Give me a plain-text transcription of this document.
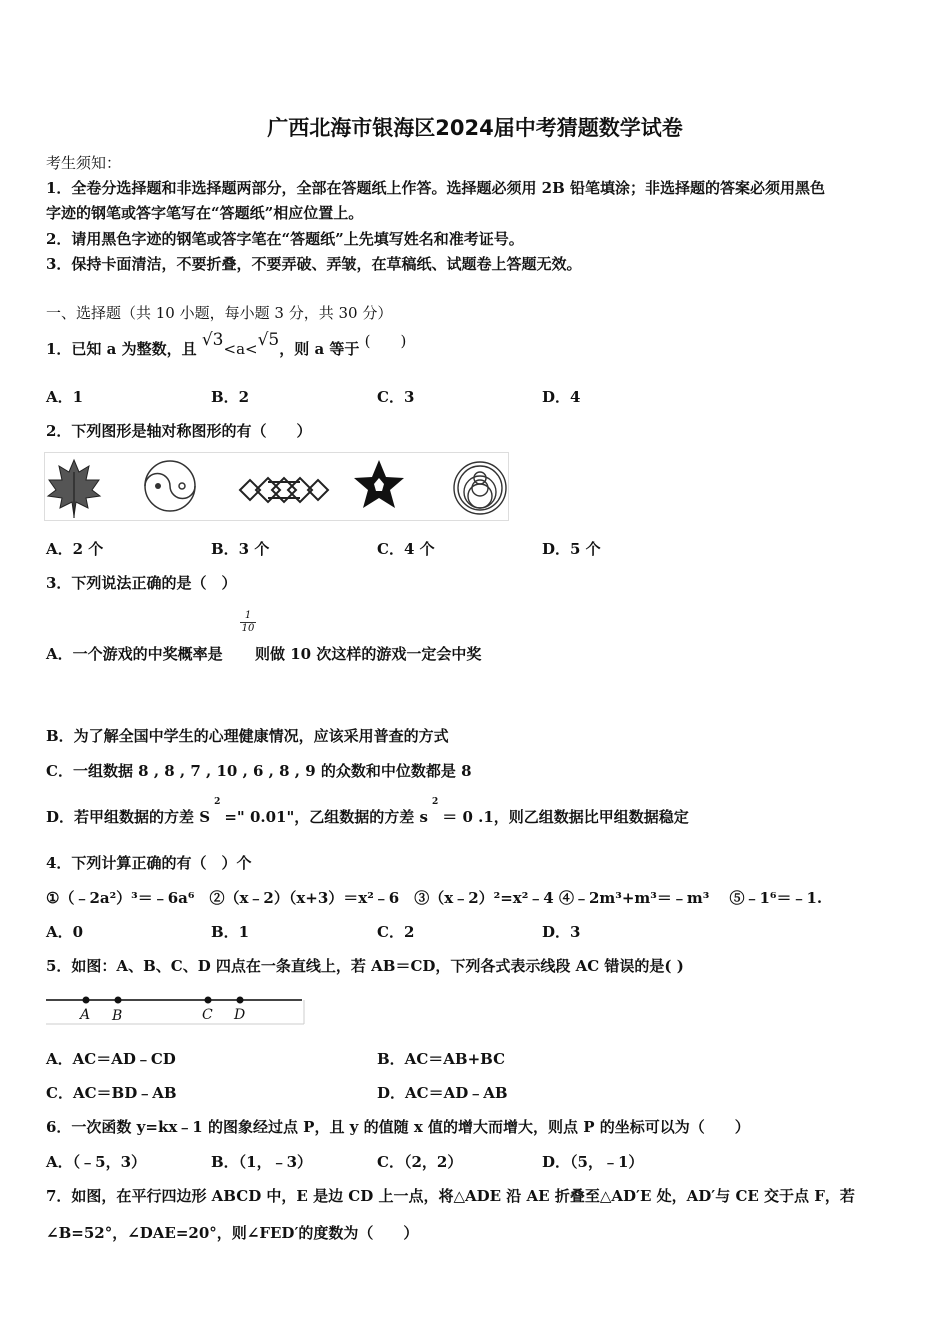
广西北海市银海区2024届中考猜题数学试卷
考生须知：
1．全卷分选择题和非选择题两部分，全部在答题纸上作答。选择题必须用 2B 铅笔填涂；非选择题的答案必须用黑色
字迹的钢笔或答字笔写在“答题纸”相应位置上。
2．请用黑色字迹的钢笔或答字笔在“答题纸”上先填写姓名和准考证号。
3．保持卡面清洁，不要折叠，不要弄破、弄皱，在草稿纸、试题卷上答题无效。
一、选择题（共 10 小题，每小题 3 分，共 30 分）
1．已知 a 为整数，且 √3<a<√5，则 a 等于 (　　)
A．1	B．2	C．3	D．4
2．下列图形是轴对称图形的有（　　）
A．2 个	B．3 个	C．4 个	D．5 个
3．下列说法正确的是（　）
$\frac{1}{10}$
A．一个游戏的中奖概率是 则做 10 次这样的游戏一定会中奖
B．为了解全国中学生的心理健康情况，应该采用普查的方式
C．一组数据 8 , 8 , 7 , 10 , 6 , 8 , 9 的众数和中位数都是 8
D．若甲组数据的方差 $S^2=$" 0.01"，乙组数据的方差 $s^2= 0$ .1，则乙组数据比甲组数据稳定
4．下列计算正确的有（　）个
①（﹣2a²）³＝﹣6a⁶　②（x﹣2）（x+3）＝x²﹣6　③（x﹣2）²=x²﹣4 ④﹣2m³+m³＝﹣m³　 ⑤﹣1⁶＝﹣1.
A．0	B．1	C．2	D．3
5．如图：A、B、C、D 四点在一条直线上，若 AB＝CD，下列各式表示线段 AC 错误的是( )
A B	C D
A．AC＝AD﹣CD	B．AC＝AB+BC
C．AC＝BD﹣AB	D．AC＝AD﹣AB
6．一次函数 y=kx﹣1 的图象经过点 P，且 y 的值随 x 值的增大而增大，则点 P 的坐标可以为（　　）
A．（﹣5，3）	B．（1，﹣3）	C．（2，2）	D．（5，﹣1）
7．如图，在平行四边形 ABCD 中，E 是边 CD 上一点，将△ADE 沿 AE 折叠至△AD′E 处，AD′与 CE 交于点 F，若
∠B=52°，∠DAE=20°，则∠FED′的度数为（　　）
